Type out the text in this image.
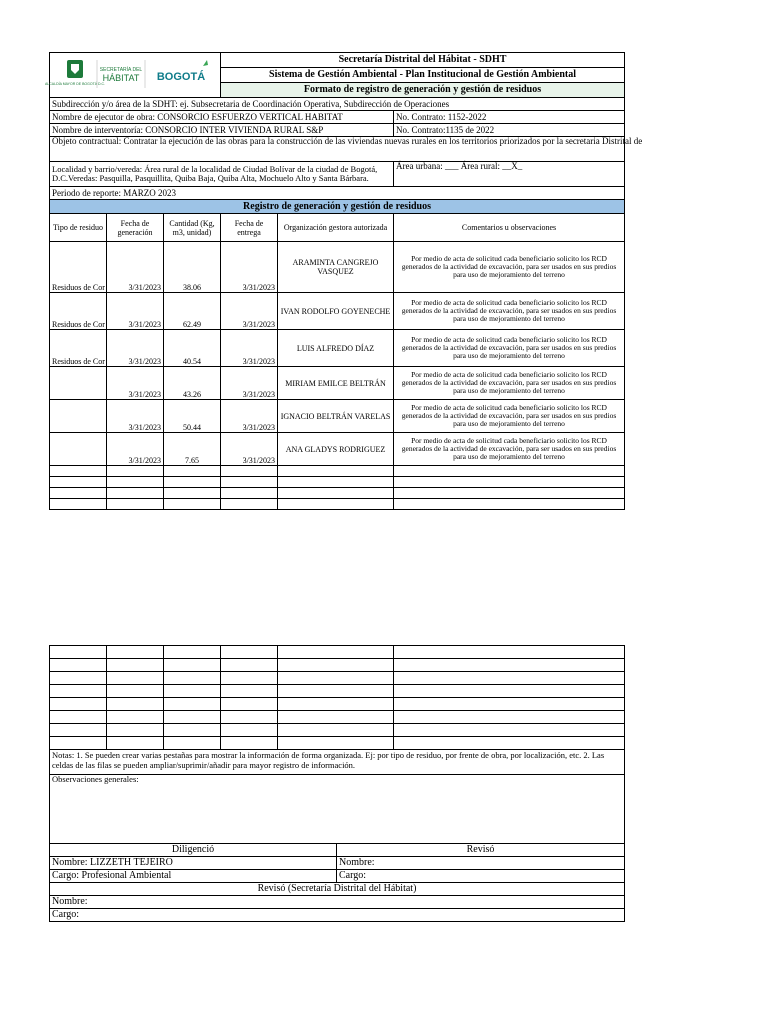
ALCALDÍA MAYOR DE BOGOTÁ D.C.
SECRETARÍA DEL
HÁBITAT BOGOTÁ			Secretaría Distrital del Hábitat - SDHT		
			Sistema de Gestión Ambiental - Plan Institucional de Gestión Ambiental		
			Formato de registro de generación y gestión de residuos		
Subdirección y/o área de la SDHT: ej. Subsecretaria de Coordinación Operativa, Subdirección de Operaciones					
Nombre de ejecutor de obra: CONSORCIO ESFUERZO VERTICAL HABITAT					No. Contrato: 1152-2022
Nombre de interventoría: CONSORCIO INTER VIVIENDA RURAL S&P					No. Contrato:1135 de 2022
Objeto contractual: Contratar la ejecución de las obras para la construcción de las viviendas nuevas rurales en los territorios priorizados por la secretaria Distrital de					
Localidad y barrio/vereda: Área rural de la localidad de Ciudad Bolívar de la ciudad de Bogotá, D.C.Veredas: Pasquilla, Pasquillita, Quiba Baja, Quiba Alta, Mochuelo Alto y Santa Bárbara.					Área urbana: ___ Área rural: __X_
Periodo de reporte: MARZO 2023					
Registro de generación y gestión de residuos					
Tipo de residuo	Fecha de generación	Cantidad (Kg, m3, unidad)	Fecha de entrega	Organización gestora autorizada	Comentarios u observaciones
Residuos de Cor	3/31/2023	38.06	3/31/2023	ARAMINTA CANGREJO VASQUEZ	Por medio de acta de solicitud cada beneficiario solicito los RCD generados de la actividad de excavación, para ser usados en sus predios para uso de mejoramiento del terreno
Residuos de Cor	3/31/2023	62.49	3/31/2023	IVAN RODOLFO GOYENECHE	Por medio de acta de solicitud cada beneficiario solicito los RCD generados de la actividad de excavación, para ser usados en sus predios para uso de mejoramiento del terreno
Residuos de Cor	3/31/2023	40.54	3/31/2023	LUIS ALFREDO DÍAZ	Por medio de acta de solicitud cada beneficiario solicito los RCD generados de la actividad de excavación, para ser usados en sus predios para uso de mejoramiento del terreno
	3/31/2023	43.26	3/31/2023	MIRIAM EMILCE BELTRÁN	Por medio de acta de solicitud cada beneficiario solicito los RCD generados de la actividad de excavación, para ser usados en sus predios para uso de mejoramiento del terreno
	3/31/2023	50.44	3/31/2023	IGNACIO BELTRÁN VARELAS	Por medio de acta de solicitud cada beneficiario solicito los RCD generados de la actividad de excavación, para ser usados en sus predios para uso de mejoramiento del terreno
	3/31/2023	7.65	3/31/2023	ANA GLADYS RODRIGUEZ	Por medio de acta de solicitud cada beneficiario solicito los RCD generados de la actividad de excavación, para ser usados en sus predios para uso de mejoramiento del terreno

Notas: 1. Se pueden crear varias pestañas para mostrar la información de forma organizada. Ej: por tipo de residuo, por frente de obra, por localización, etc. 2. Las celdas de las filas se pueden ampliar/suprimir/añadir para mayor registro de información.					
Observaciones generales:					
Diligenció	Revisó
Nombre: LIZZETH TEJEIRO	Nombre:
Cargo: Profesional Ambiental	Cargo:
Revisó (Secretaría Distrital del Hábitat)	
Nombre:	
Cargo:	
